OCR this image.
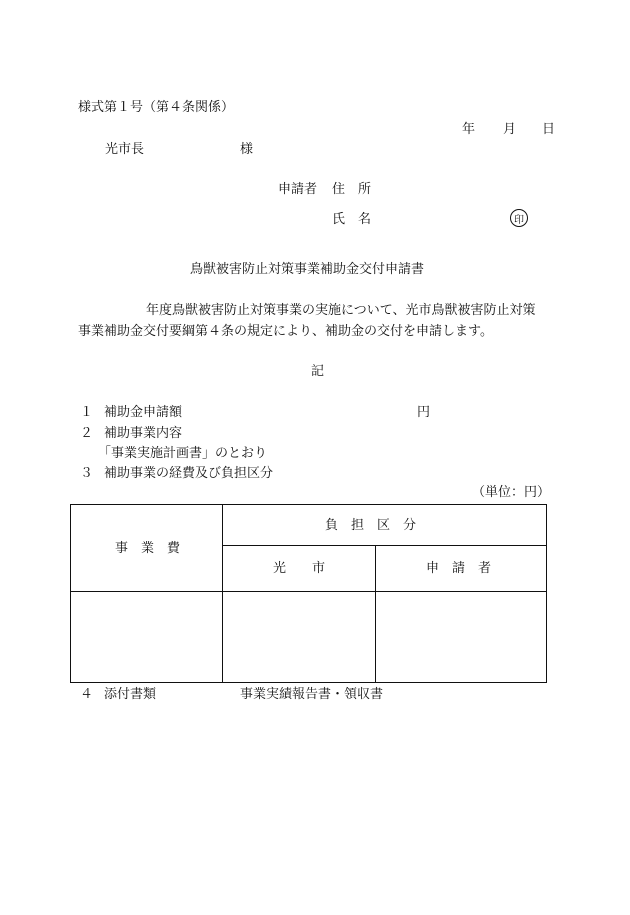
様式第１号（第４条関係）
年 月 日
光市長	様
申請者 住　所
氏　名	印
鳥獣被害防止対策事業補助金交付申請書
年度鳥獣被害防止対策事業の実施について、光市鳥獣被害防止対策
事業補助金交付要綱第４条の規定により、補助金の交付を申請します。
記
１ 補助金申請額	円
２ 補助事業内容
「事業実施計画書」のとおり
３ 補助事業の経費及び負担区分
（単位：円）
事　業　費
負　担　区　分
光　　市	申　請　者
４ 添付書類	事業実績報告書・領収書
